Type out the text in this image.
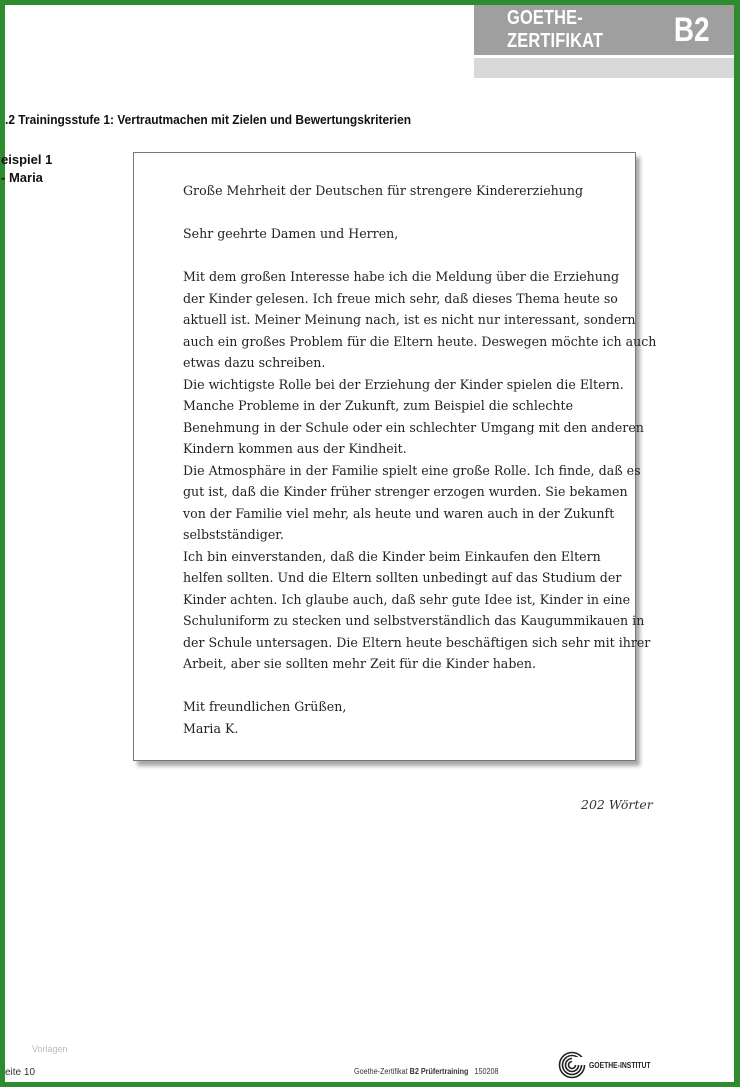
GOETHE-ZERTIFIKAT	B2
.2 Trainingsstufe 1: Vertrautmachen mit Zielen und Bewertungskriterien
eispiel 1
- Maria

Große Mehrheit der Deutschen für strengere Kindererziehung

Sehr geehrte Damen und Herren,

Mit dem großen Interesse habe ich die Meldung über die Erziehung
der Kinder gelesen. Ich freue mich sehr, daß dieses Thema heute so
aktuell ist. Meiner Meinung nach, ist es nicht nur interessant, sondern
auch ein großes Problem für die Eltern heute. Deswegen möchte ich auch
etwas dazu schreiben.
Die wichtigste Rolle bei der Erziehung der Kinder spielen die Eltern.
Manche Probleme in der Zukunft, zum Beispiel die schlechte
Benehmung in der Schule oder ein schlechter Umgang mit den anderen
Kindern kommen aus der Kindheit.
Die Atmosphäre in der Familie spielt eine große Rolle. Ich finde, daß es
gut ist, daß die Kinder früher strenger erzogen wurden. Sie bekamen
von der Familie viel mehr, als heute und waren auch in der Zukunft
selbstständiger.
Ich bin einverstanden, daß die Kinder beim Einkaufen den Eltern
helfen sollten. Und die Eltern sollten unbedingt auf das Studium der
Kinder achten. Ich glaube auch, daß sehr gute Idee ist, Kinder in eine
Schuluniform zu stecken und selbstverständlich das Kaugummikauen in
der Schule untersagen. Die Eltern heute beschäftigen sich sehr mit ihrer
Arbeit, aber sie sollten mehr Zeit für die Kinder haben.

Mit freundlichen Grüßen,

Maria K.

202 Wörter
Vorlagen
eite 10	Goethe-Zertifikat B2 Prüfertraining 150208
GOETHE-INSTITUT
